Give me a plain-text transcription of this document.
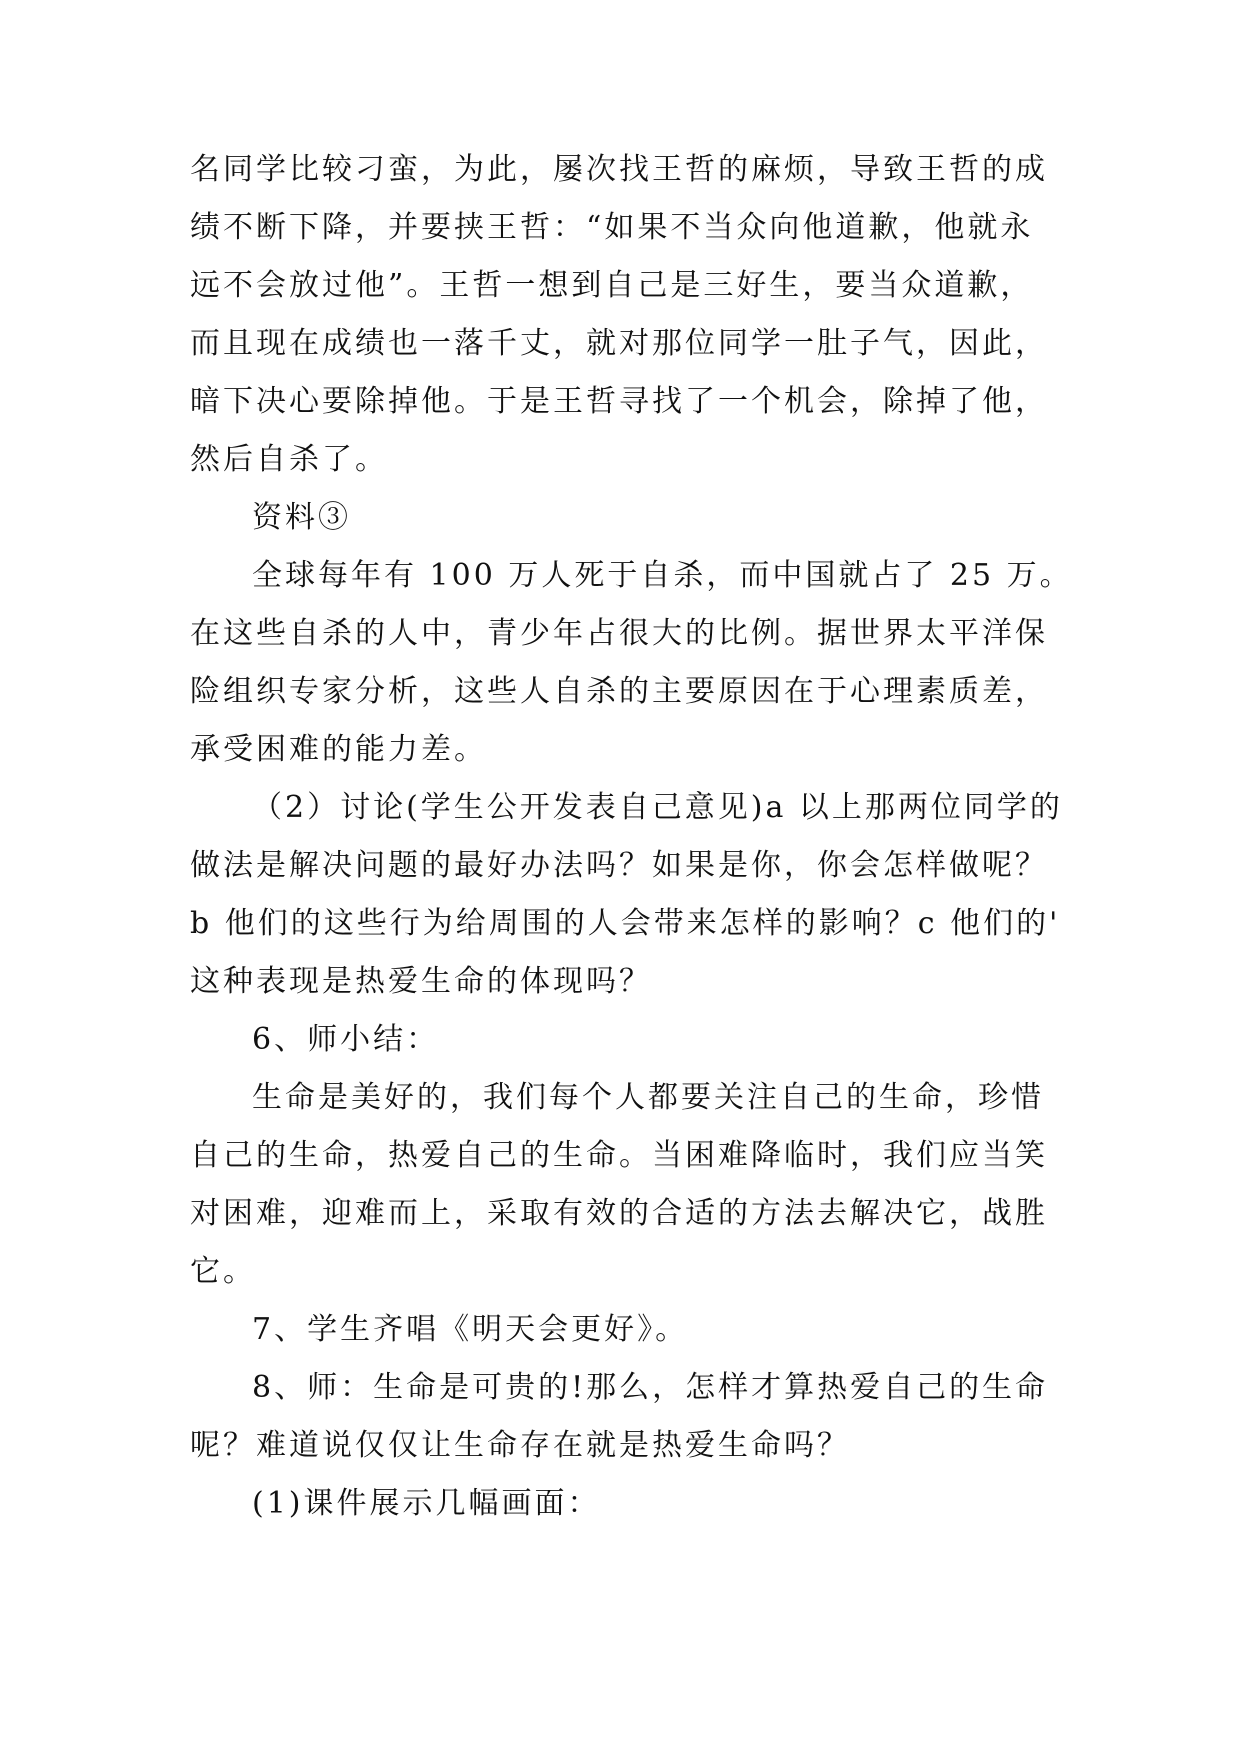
名同学比较刁蛮，为此，屡次找王哲的麻烦，导致王哲的成
绩不断下降，并要挟王哲：“如果不当众向他道歉，他就永
远不会放过他”。王哲一想到自己是三好生，要当众道歉，
而且现在成绩也一落千丈，就对那位同学一肚子气，因此，
暗下决心要除掉他。于是王哲寻找了一个机会，除掉了他，
然后自杀了。
资料③
全球每年有 100 万人死于自杀，而中国就占了 25 万。
在这些自杀的人中，青少年占很大的比例。据世界太平洋保
险组织专家分析，这些人自杀的主要原因在于心理素质差，
承受困难的能力差。
（2）讨论(学生公开发表自己意见)a 以上那两位同学的
做法是解决问题的最好办法吗？如果是你，你会怎样做呢？
b 他们的这些行为给周围的人会带来怎样的影响？c 他们的'
这种表现是热爱生命的体现吗？
6、师小结：
生命是美好的，我们每个人都要关注自己的生命，珍惜
自己的生命，热爱自己的生命。当困难降临时，我们应当笑
对困难，迎难而上，采取有效的合适的方法去解决它，战胜
它。
7、学生齐唱《明天会更好》。
8、师：生命是可贵的!那么，怎样才算热爱自己的生命
呢？难道说仅仅让生命存在就是热爱生命吗？
(1)课件展示几幅画面：
